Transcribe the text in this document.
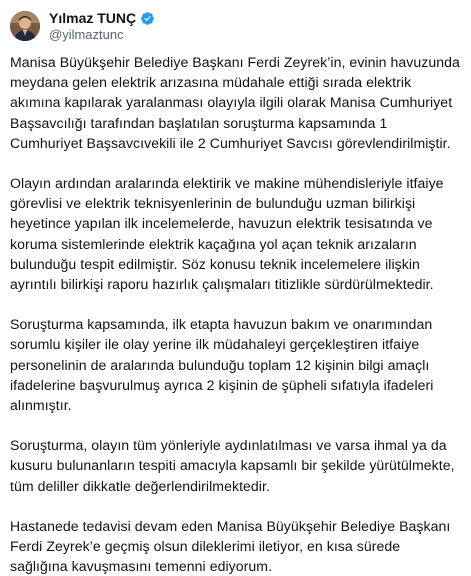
Yılmaz TUNÇ
@yilmaztunc

Manisa Büyükşehir Belediye Başkanı Ferdi Zeyrek’in, evinin havuzunda meydana gelen elektrik arızasına müdahale ettiği sırada elektrik akımına kapılarak yaralanması olayıyla ilgili olarak Manisa Cumhuriyet Başsavcılığı tarafından başlatılan soruşturma kapsamında 1 Cumhuriyet Başsavcıvekili ile 2 Cumhuriyet Savcısı görevlendirilmiştir.

Olayın ardından aralarında elektirik ve makine mühendisleriyle itfaiye görevlisi ve elektrik teknisyenlerinin de bulunduğu uzman bilirkişi heyetince yapılan ilk incelemelerde, havuzun elektrik tesisatında ve koruma sistemlerinde elektrik kaçağına yol açan teknik arızaların bulunduğu tespit edilmiştir. Söz konusu teknik incelemelere ilişkin ayrıntılı bilirkişi raporu hazırlık çalışmaları titizlikle sürdürülmektedir.

Soruşturma kapsamında, ilk etapta havuzun bakım ve onarımından sorumlu kişiler ile olay yerine ilk müdahaleyi gerçekleştiren itfaiye personelinin de aralarında bulunduğu toplam 12 kişinin bilgi amaçlı ifadelerine başvurulmuş ayrıca 2 kişinin de şüpheli sıfatıyla ifadeleri alınmıştır.

Soruşturma, olayın tüm yönleriyle aydınlatılması ve varsa ihmal ya da kusuru bulunanların tespiti amacıyla kapsamlı bir şekilde yürütülmekte, tüm deliller dikkatle değerlendirilmektedir.

Hastanede tedavisi devam eden Manisa Büyükşehir Belediye Başkanı Ferdi Zeyrek’e geçmiş olsun dileklerimi iletiyor, en kısa sürede sağlığına kavuşmasını temenni ediyorum.
